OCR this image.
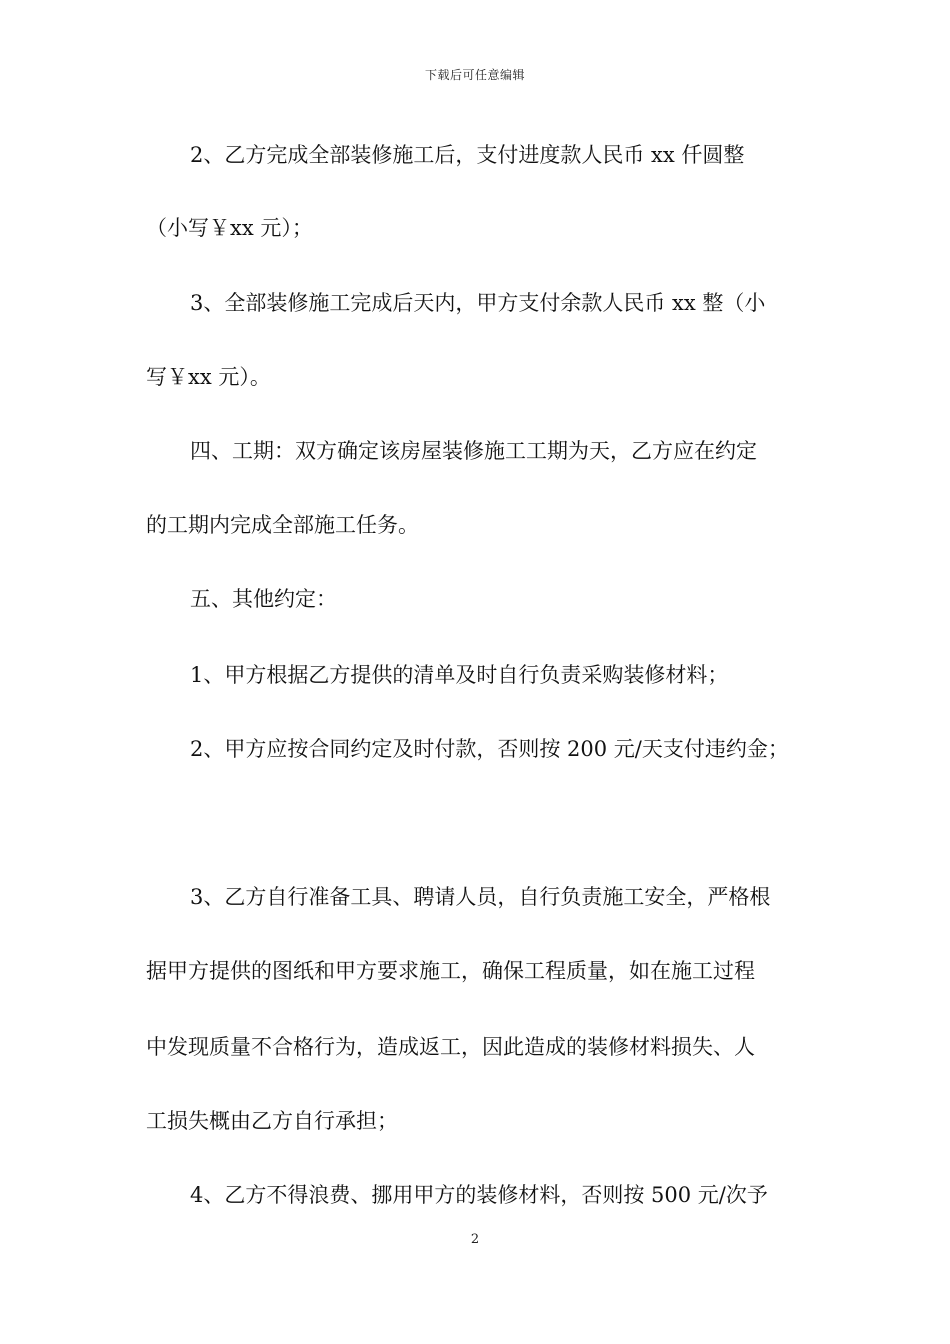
下载后可任意编辑
2、乙方完成全部装修施工后，支付进度款人民币 xx 仟圆整
（小写￥xx 元）；
3、全部装修施工完成后天内，甲方支付余款人民币 xx 整（小
写￥xx 元）。
四、工期：双方确定该房屋装修施工工期为天，乙方应在约定
的工期内完成全部施工任务。
五、其他约定：
1、甲方根据乙方提供的清单及时自行负责采购装修材料；
2、甲方应按合同约定及时付款，否则按 200 元/天支付违约金；
3、乙方自行准备工具、聘请人员，自行负责施工安全，严格根
据甲方提供的图纸和甲方要求施工，确保工程质量，如在施工过程
中发现质量不合格行为，造成返工，因此造成的装修材料损失、人
工损失概由乙方自行承担；
4、乙方不得浪费、挪用甲方的装修材料，否则按 500 元/次予
2
